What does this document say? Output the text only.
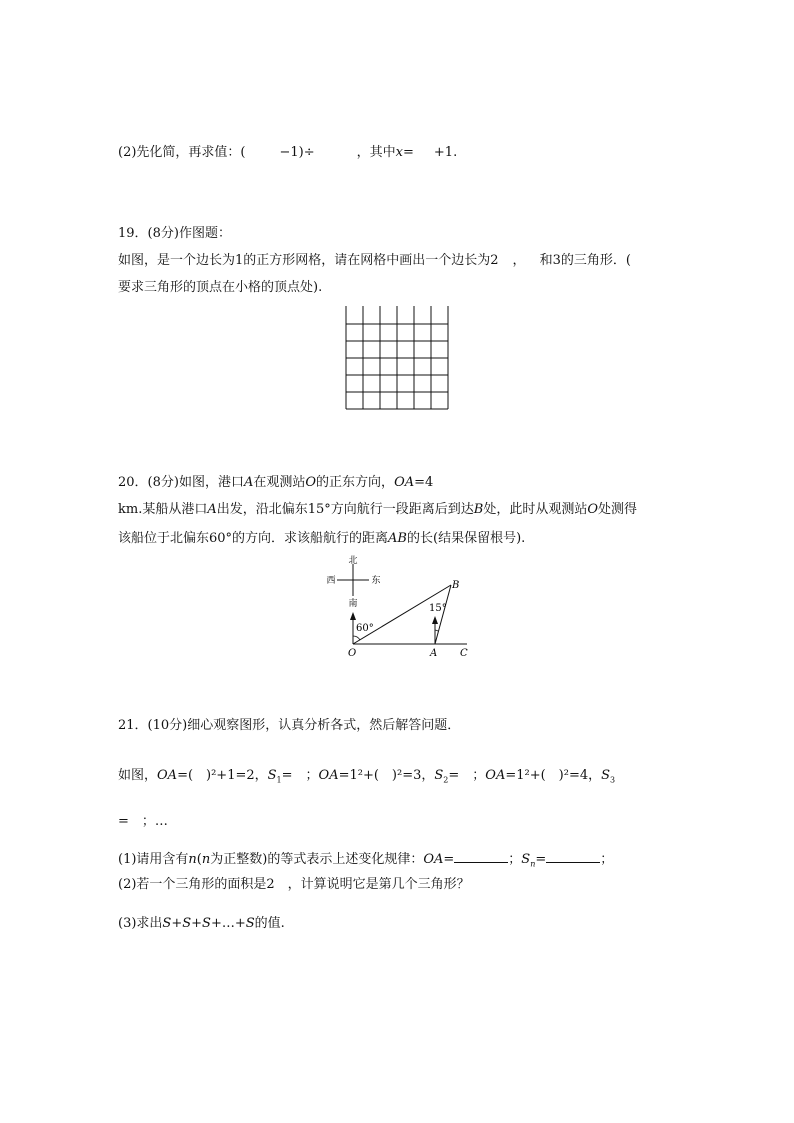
(2)先化简，再求值：(	−1)÷	，其中x= +1.
19．(8分)作图题：
如图，是一个边长为1的正方形网格，请在网格中画出一个边长为2 ， 和3的三角形．(
要求三角形的顶点在小格的顶点处).
20．(8分)如图，港口A在观测站O的正东方向，OA=4
km.某船从港口A出发，沿北偏东15°方向航行一段距离后到达B处，此时从观测站O处测得
该船位于北偏东60°的方向．求该船航行的距离AB的长(结果保留根号).
北
西	东
南
60°
15°
O	A
B
C
21．(10分)细心观察图形，认真分析各式，然后解答问题．
如图，OA=(　)²+1=2，$S_1=$　；OA=1²+(　)²=3，$S_2=$　；OA=1²+(　)²=4，$S_3$
=　；…
(1)请用含有n(n为正整数)的等式表示上述变化规律：OA=	；$S_n=$	；
(2)若一个三角形的面积是2　，计算说明它是第几个三角形？
(3)求出S+S+S+…+S的值.
